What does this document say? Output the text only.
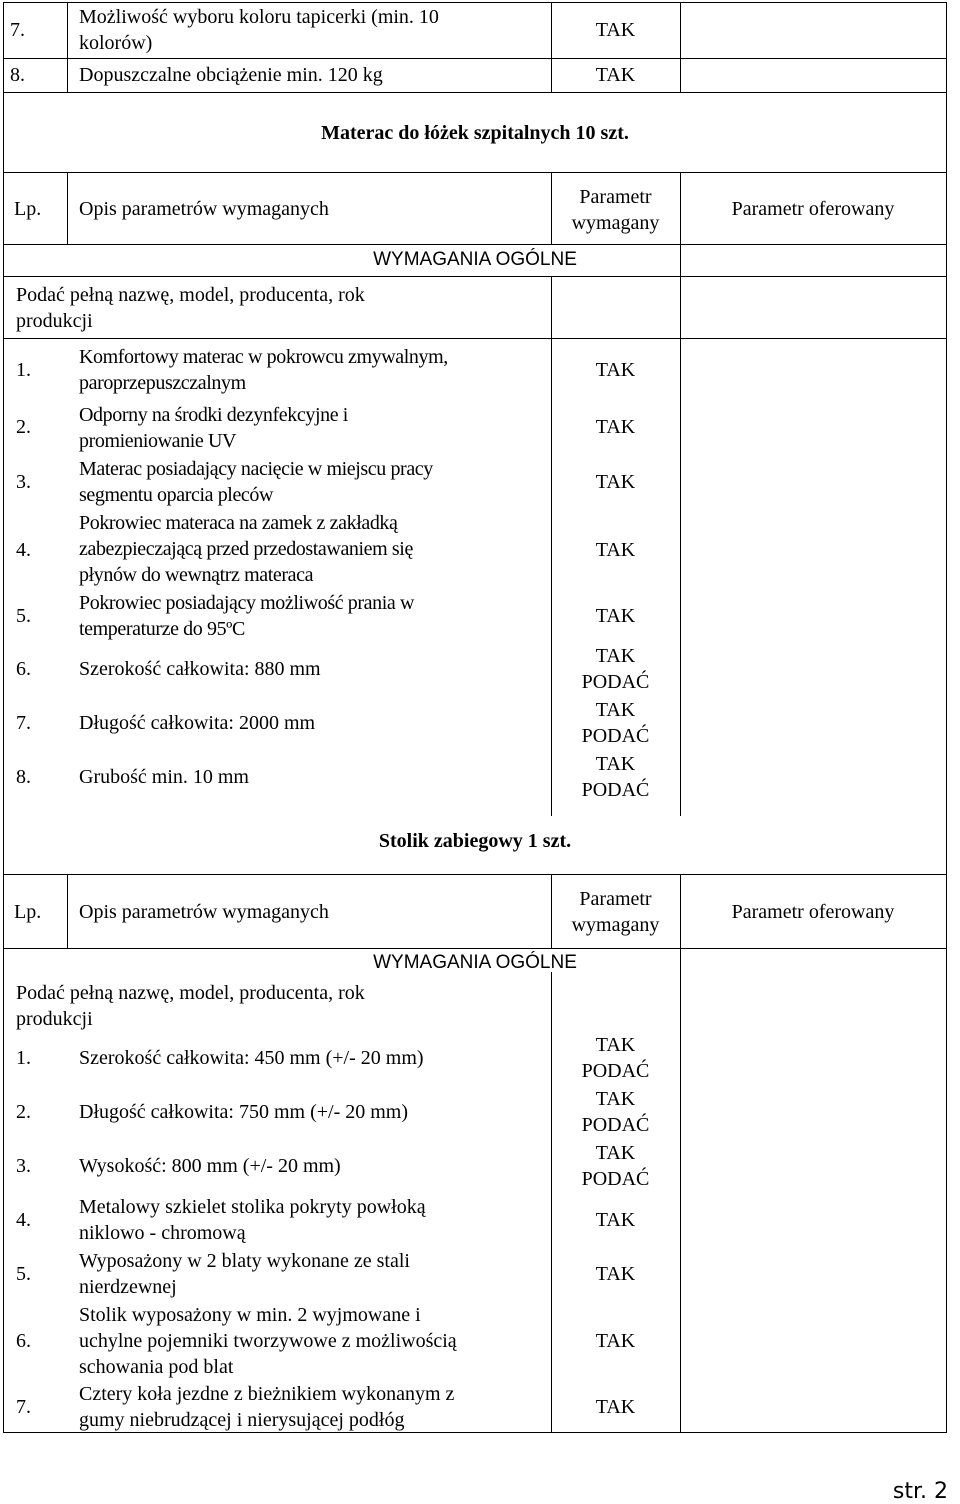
7.
Możliwość wyboru koloru tapicerki (min. 10
kolorów)
TAK
8.	Dopuszczalne obciążenie min. 120 kg	TAK
Materac do łóżek szpitalnych 10 szt.
Lp. Opis parametrów wymaganych
Parametr
wymagany
Parametr oferowany
WYMAGANIA OGÓLNE
Podać pełną nazwę, model, producenta, rok
produkcji
1.
Komfortowy materac w pokrowcu zmywalnym,
paroprzepuszczalnym
TAK
2.
Odporny na środki dezynfekcyjne i
promieniowanie UV
TAK
3.
Materac posiadający nacięcie w miejscu pracy
segmentu oparcia pleców
TAK
4.
Pokrowiec materaca na zamek z zakładką
zabezpieczającą przed przedostawaniem się
płynów do wewnątrz materaca
TAK
5.
Pokrowiec posiadający możliwość prania w
temperaturze do 95ºC
TAK
6. Szerokość całkowita: 880 mm
TAK
PODAĆ
7. Długość całkowita: 2000 mm
TAK
PODAĆ
8. Grubość min. 10 mm
TAK
PODAĆ
Stolik zabiegowy 1 szt.
Lp. Opis parametrów wymaganych
Parametr
wymagany
Parametr oferowany
WYMAGANIA OGÓLNE
Podać pełną nazwę, model, producenta, rok
produkcji
1. Szerokość całkowita: 450 mm (+/- 20 mm)
TAK
PODAĆ
2. Długość całkowita: 750 mm (+/- 20 mm)
TAK
PODAĆ
3. Wysokość: 800 mm (+/- 20 mm)
TAK
PODAĆ
4.
Metalowy szkielet stolika pokryty powłoką
niklowo - chromową
TAK
5.
Wyposażony w 2 blaty wykonane ze stali
nierdzewnej
TAK
6.
Stolik wyposażony w min. 2 wyjmowane i
uchylne pojemniki tworzywowe z możliwością
schowania pod blat
TAK
7.
Cztery koła jezdne z bieżnikiem wykonanym z
gumy niebrudzącej i nierysującej podłóg
TAK
str. 2
